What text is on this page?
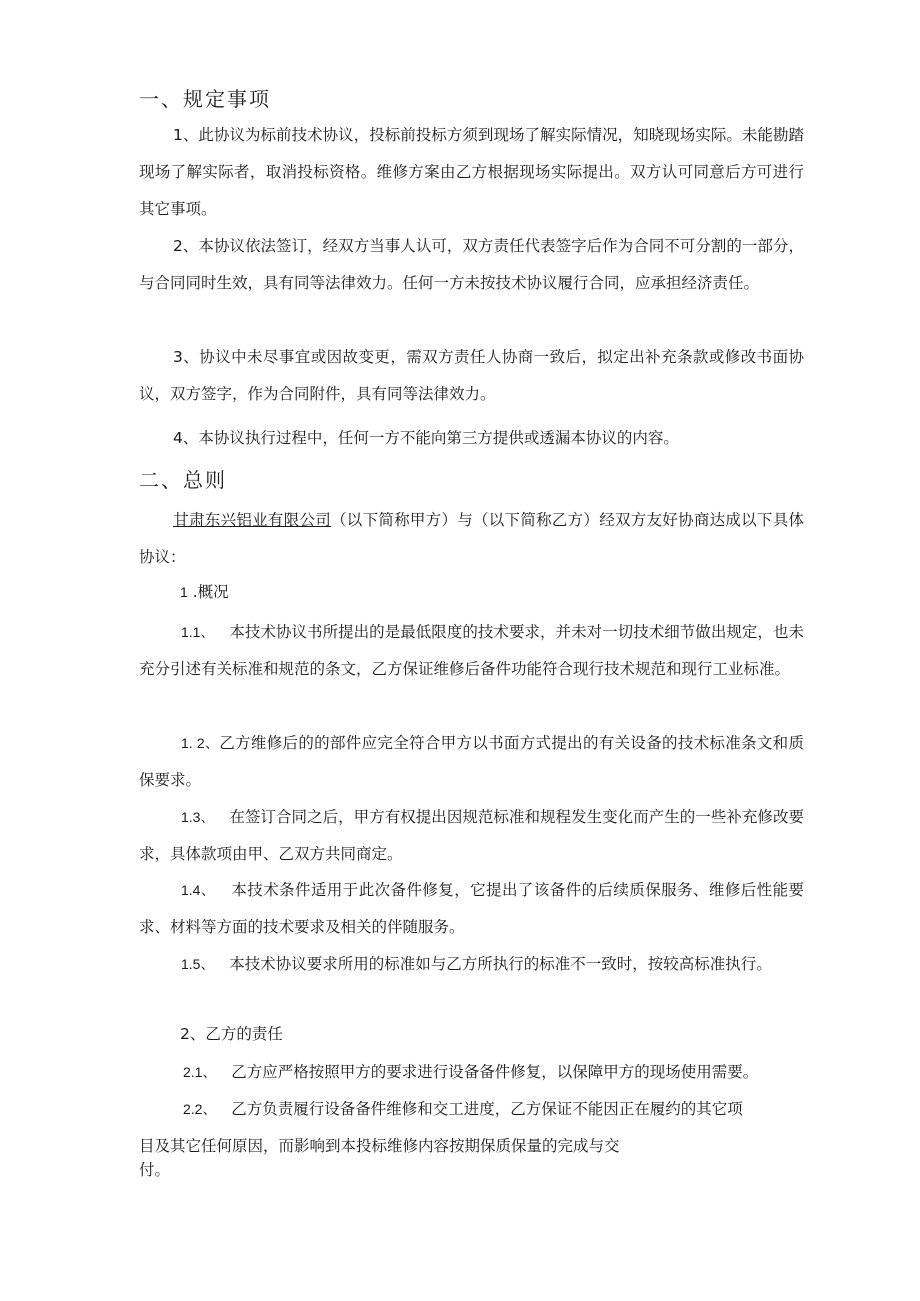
一、规定事项
1、此协议为标前技术协议，投标前投标方须到现场了解实际情况，知晓现场实际。未能勘踏现场了解实际者，取消投标资格。维修方案由乙方根据现场实际提出。双方认可同意后方可进行其它事项。
2、本协议依法签订，经双方当事人认可，双方责任代表签字后作为合同不可分割的一部分，与合同同时生效，具有同等法律效力。任何一方未按技术协议履行合同，应承担经济责任。
3、协议中未尽事宜或因故变更，需双方责任人协商一致后，拟定出补充条款或修改书面协议，双方签字，作为合同附件，具有同等法律效力。
4、本协议执行过程中，任何一方不能向第三方提供或透漏本协议的内容。
二、总则
甘肃东兴铝业有限公司（以下简称甲方）与（以下简称乙方）经双方友好协商达成以下具体协议：
1 .概况
1.1、 本技术协议书所提出的是最低限度的技术要求，并未对一切技术细节做出规定，也未充分引述有关标准和规范的条文，乙方保证维修后备件功能符合现行技术规范和现行工业标准。
1. 2、乙方维修后的的部件应完全符合甲方以书面方式提出的有关设备的技术标准条文和质保要求。
1.3、 在签订合同之后，甲方有权提出因规范标准和规程发生变化而产生的一些补充修改要求，具体款项由甲、乙双方共同商定。
1.4、 本技术条件适用于此次备件修复，它提出了该备件的后续质保服务、维修后性能要求、材料等方面的技术要求及相关的伴随服务。
1.5、 本技术协议要求所用的标准如与乙方所执行的标准不一致时，按较高标准执行。
2、乙方的责任
2.1、 乙方应严格按照甲方的要求进行设备备件修复，以保障甲方的现场使用需要。
2.2、 乙方负责履行设备备件维修和交工进度，乙方保证不能因正在履约的其它项
目及其它任何原因，而影响到本投标维修内容按期保质保量的完成与交
付。
